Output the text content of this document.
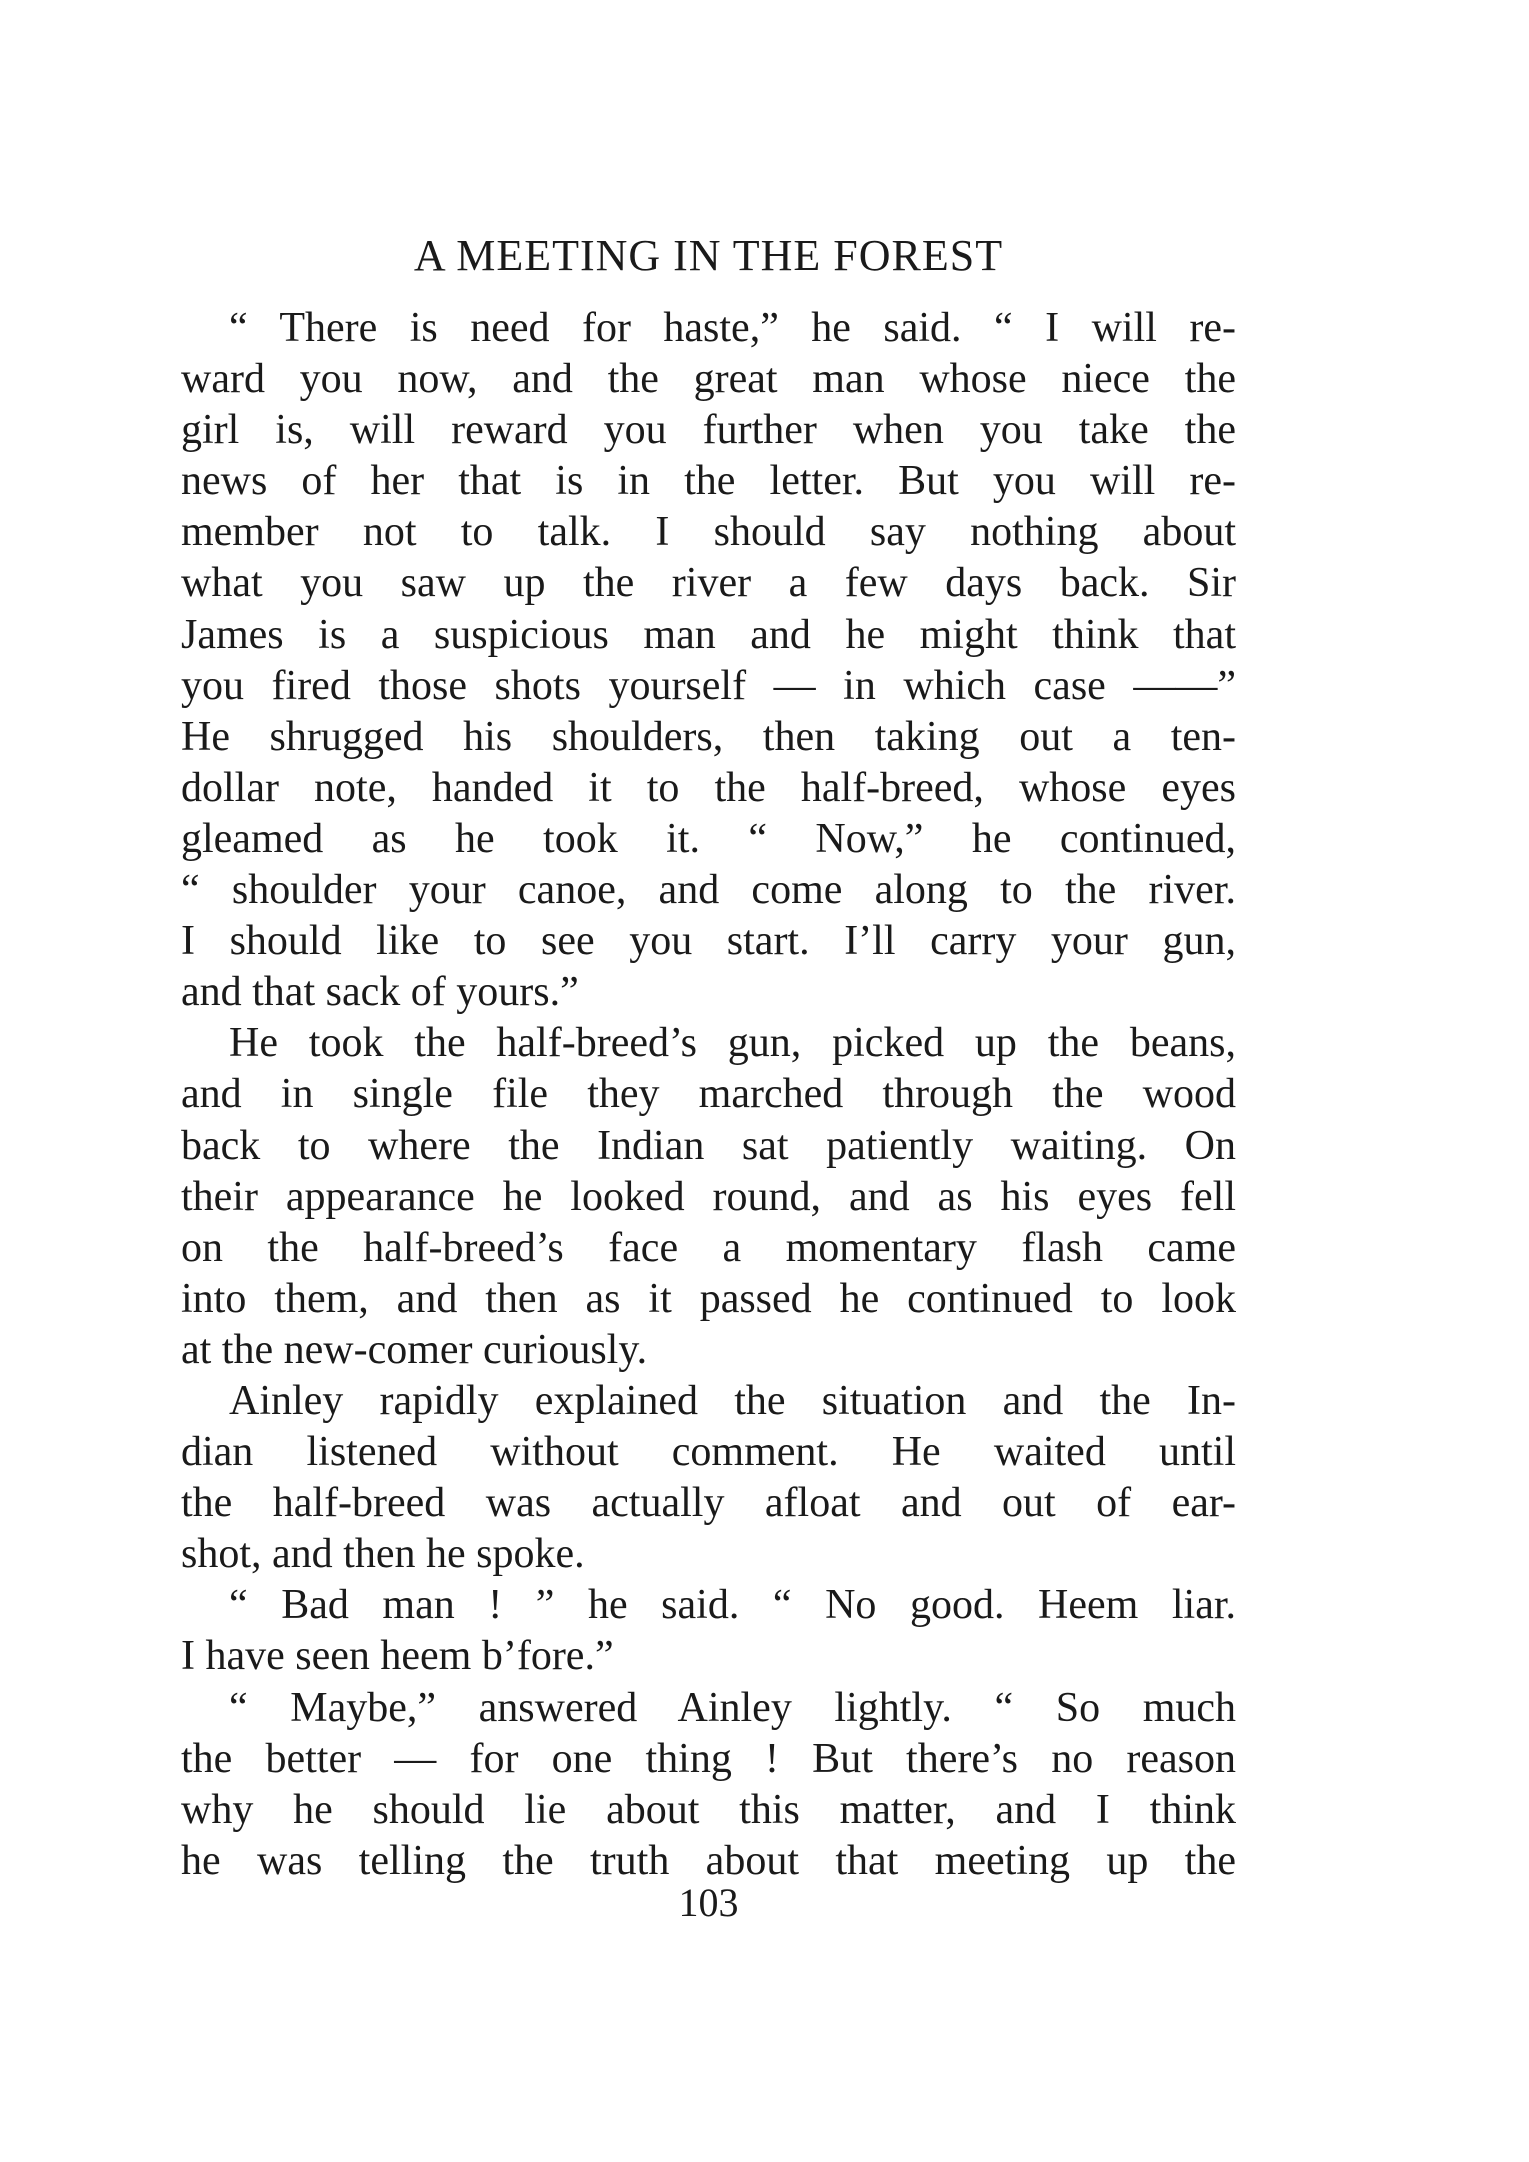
A MEETING IN THE FOREST
“ There is need for haste,” he said. “ I will re-
ward you now, and the great man whose niece the
girl is, will reward you further when you take the
news of her that is in the letter. But you will re-
member not to talk. I should say nothing about
what you saw up the river a few days back. Sir
James is a suspicious man and he might think that
you fired those shots yourself — in which case ——”
He shrugged his shoulders, then taking out a ten-
dollar note, handed it to the half-breed, whose eyes
gleamed as he took it. “ Now,” he continued,
“ shoulder your canoe, and come along to the river.
I should like to see you start. I’ll carry your gun,
and that sack of yours.”
He took the half-breed’s gun, picked up the beans,
and in single file they marched through the wood
back to where the Indian sat patiently waiting. On
their appearance he looked round, and as his eyes fell
on the half-breed’s face a momentary flash came
into them, and then as it passed he continued to look
at the new-comer curiously.
Ainley rapidly explained the situation and the In-
dian listened without comment. He waited until
the half-breed was actually afloat and out of ear-
shot, and then he spoke.
“ Bad man ! ” he said. “ No good. Heem liar.
I have seen heem b’fore.”
“ Maybe,” answered Ainley lightly. “ So much
the better — for one thing ! But there’s no reason
why he should lie about this matter, and I think
he was telling the truth about that meeting up the
103
